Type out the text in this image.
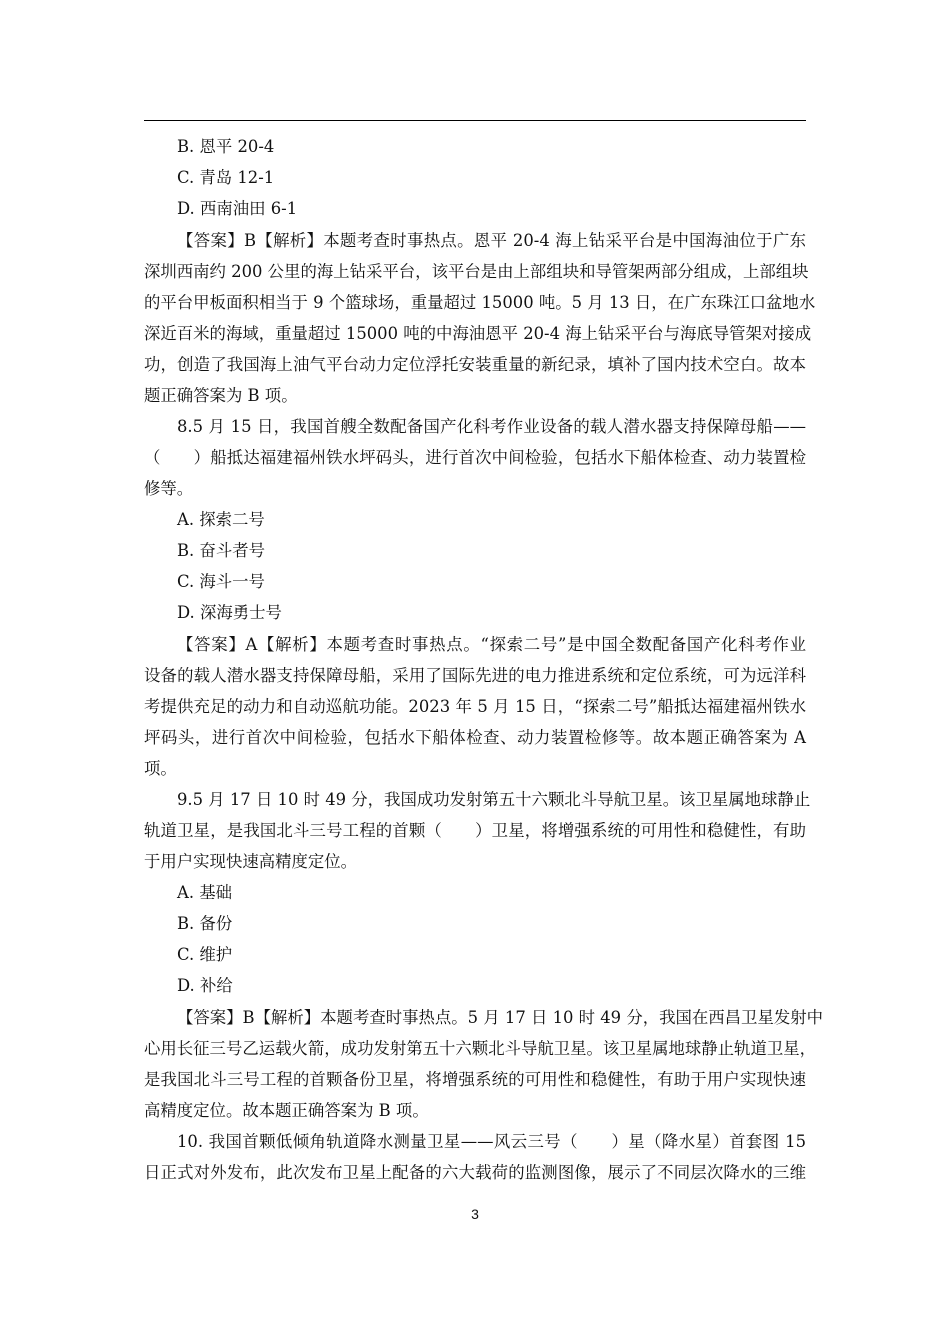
B. 恩平 20-4
C. 青岛 12-1
D. 西南油田 6-1
【答案】B【解析】本题考查时事热点。恩平 20-4 海上钻采平台是中国海油位于广东
深圳西南约 200 公里的海上钻采平台，该平台是由上部组块和导管架两部分组成，上部组块
的平台甲板面积相当于 9 个篮球场，重量超过 15000 吨。5 月 13 日，在广东珠江口盆地水
深近百米的海域，重量超过 15000 吨的中海油恩平 20-4 海上钻采平台与海底导管架对接成
功，创造了我国海上油气平台动力定位浮托安装重量的新纪录，填补了国内技术空白。故本
题正确答案为 B 项。
8.5 月 15 日，我国首艘全数配备国产化科考作业设备的载人潜水器支持保障母船——
（　　）船抵达福建福州铁水坪码头，进行首次中间检验，包括水下船体检查、动力装置检
修等。
A. 探索二号
B. 奋斗者号
C. 海斗一号
D. 深海勇士号
【答案】A【解析】本题考查时事热点。“探索二号”是中国全数配备国产化科考作业
设备的载人潜水器支持保障母船，采用了国际先进的电力推进系统和定位系统，可为远洋科
考提供充足的动力和自动巡航功能。2023 年 5 月 15 日，“探索二号”船抵达福建福州铁水
坪码头，进行首次中间检验，包括水下船体检查、动力装置检修等。故本题正确答案为 A
项。
9.5 月 17 日 10 时 49 分，我国成功发射第五十六颗北斗导航卫星。该卫星属地球静止
轨道卫星，是我国北斗三号工程的首颗（　　）卫星，将增强系统的可用性和稳健性，有助
于用户实现快速高精度定位。
A. 基础
B. 备份
C. 维护
D. 补给
【答案】B【解析】本题考查时事热点。5 月 17 日 10 时 49 分，我国在西昌卫星发射中
心用长征三号乙运载火箭，成功发射第五十六颗北斗导航卫星。该卫星属地球静止轨道卫星，
是我国北斗三号工程的首颗备份卫星，将增强系统的可用性和稳健性，有助于用户实现快速
高精度定位。故本题正确答案为 B 项。
10. 我国首颗低倾角轨道降水测量卫星——风云三号（　　）星（降水星）首套图 15
日正式对外发布，此次发布卫星上配备的六大载荷的监测图像，展示了不同层次降水的三维
3
